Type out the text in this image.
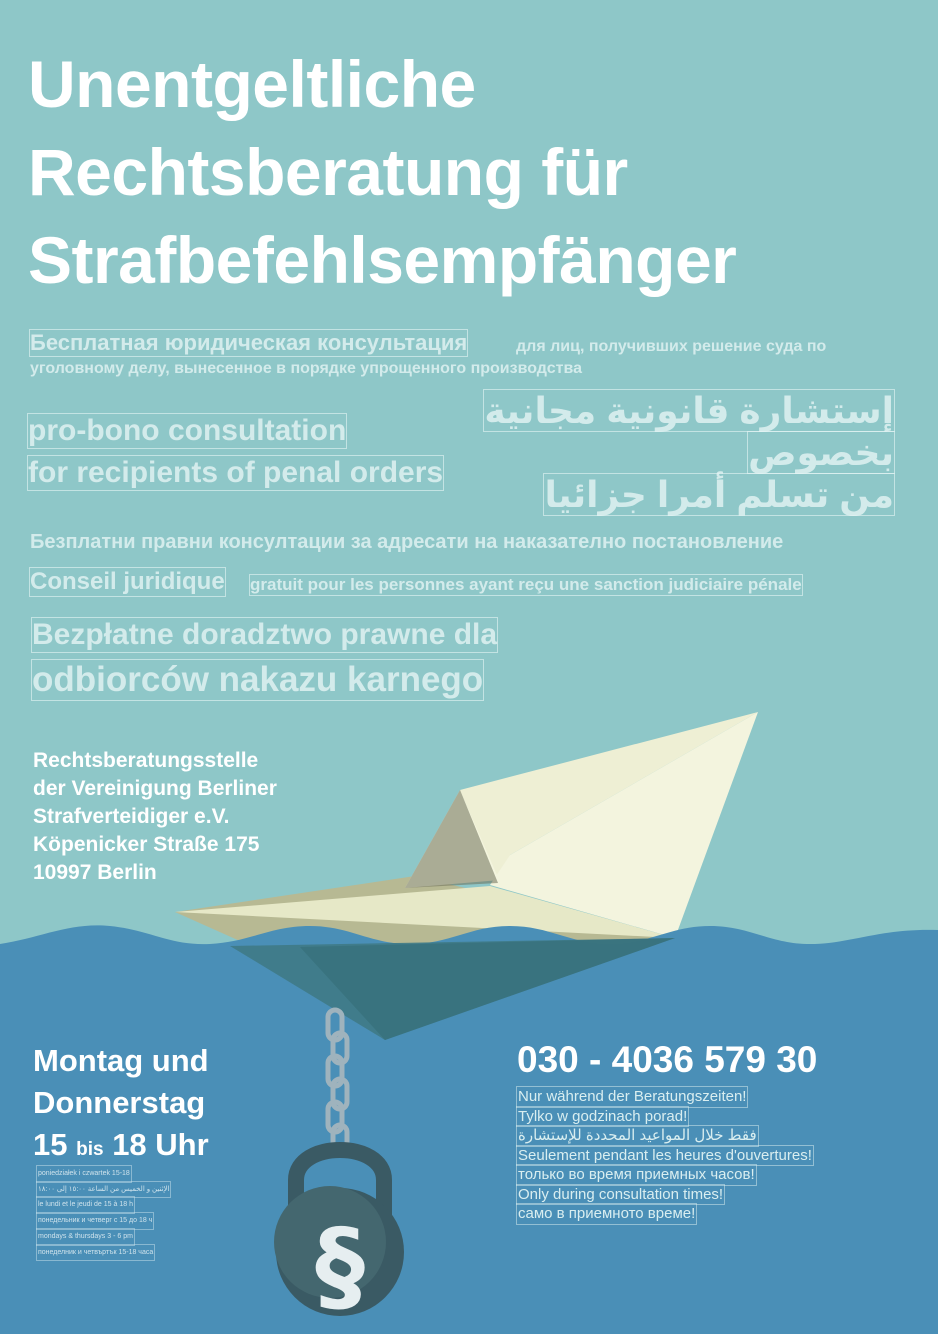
§
Unentgeltliche
Rechtsberatung für
Strafbefehlsempfänger
Бесплатная юридическая консультация	для лиц, получивших решение суда по уголовному делу, вынесенное в порядке упрощенного производства
pro-bono consultation
for recipients of penal orders
إستشارة قانونية مجانية
بخصوص
من تسلم أمرا جزائيا
Безплатни правни консултации за адресати на наказателно постановление
Conseil juridique gratuit pour les personnes ayant reçu une sanction judiciaire pénale
Bezpłatne doradztwo prawne dla
odbiorców nakazu karnego
Rechtsberatungsstelle
der Vereinigung Berliner
Strafverteidiger e.V.
Köpenicker Straße 175
10997 Berlin
Montag und
Donnerstag
15 bis 18 Uhr
poniedziałek i czwartek 15-18
الإثنين و الخميس من الساعة ١٥:٠٠ إلى ١٨:٠٠
le lundi et le jeudi de 15 à 18 h
понедельник и четверг с 15 до 18 ч
mondays & thursdays 3 - 6 pm
понеделник и четвъртък 15-18 часа
030 - 4036 579 30
Nur während der Beratungszeiten!
Tylko w godzinach porad!
فقط خلال المواعيد المحددة للإستشارة
Seulement pendant les heures d'ouvertures!
только во время приемных часов!
Only during consultation times!
само в приемното време!
